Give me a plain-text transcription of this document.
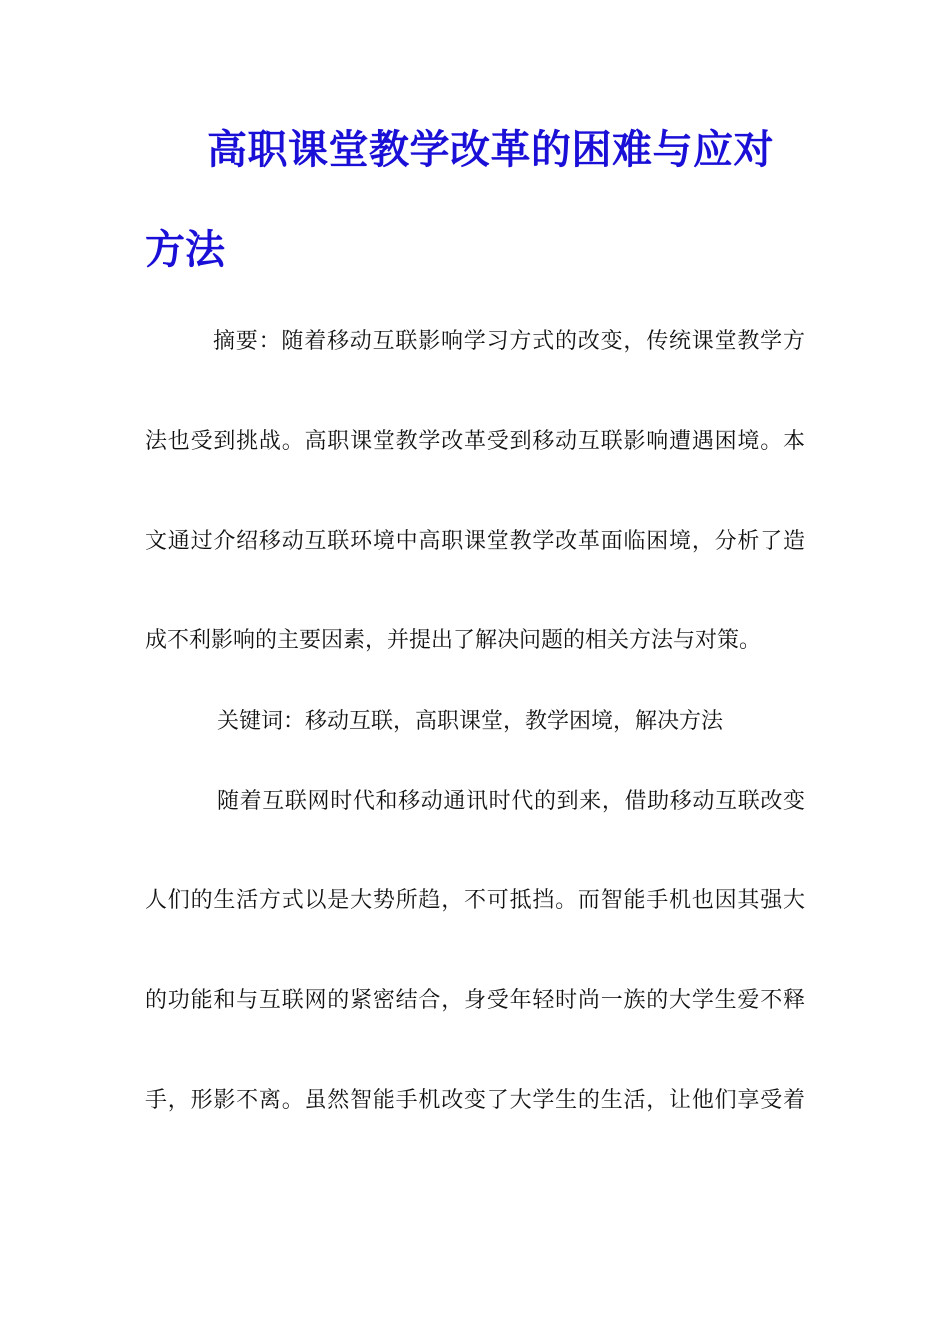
高职课堂教学改革的困难与应对
方法
摘要：随着移动互联影响学习方式的改变，传统课堂教学方
法也受到挑战。高职课堂教学改革受到移动互联影响遭遇困境。本
文通过介绍移动互联环境中高职课堂教学改革面临困境，分析了造
成不利影响的主要因素，并提出了解决问题的相关方法与对策。
关键词：移动互联，高职课堂，教学困境，解决方法
随着互联网时代和移动通讯时代的到来，借助移动互联改变
人们的生活方式以是大势所趋，不可抵挡。而智能手机也因其强大
的功能和与互联网的紧密结合，身受年轻时尚一族的大学生爱不释
手，形影不离。虽然智能手机改变了大学生的生活，让他们享受着
